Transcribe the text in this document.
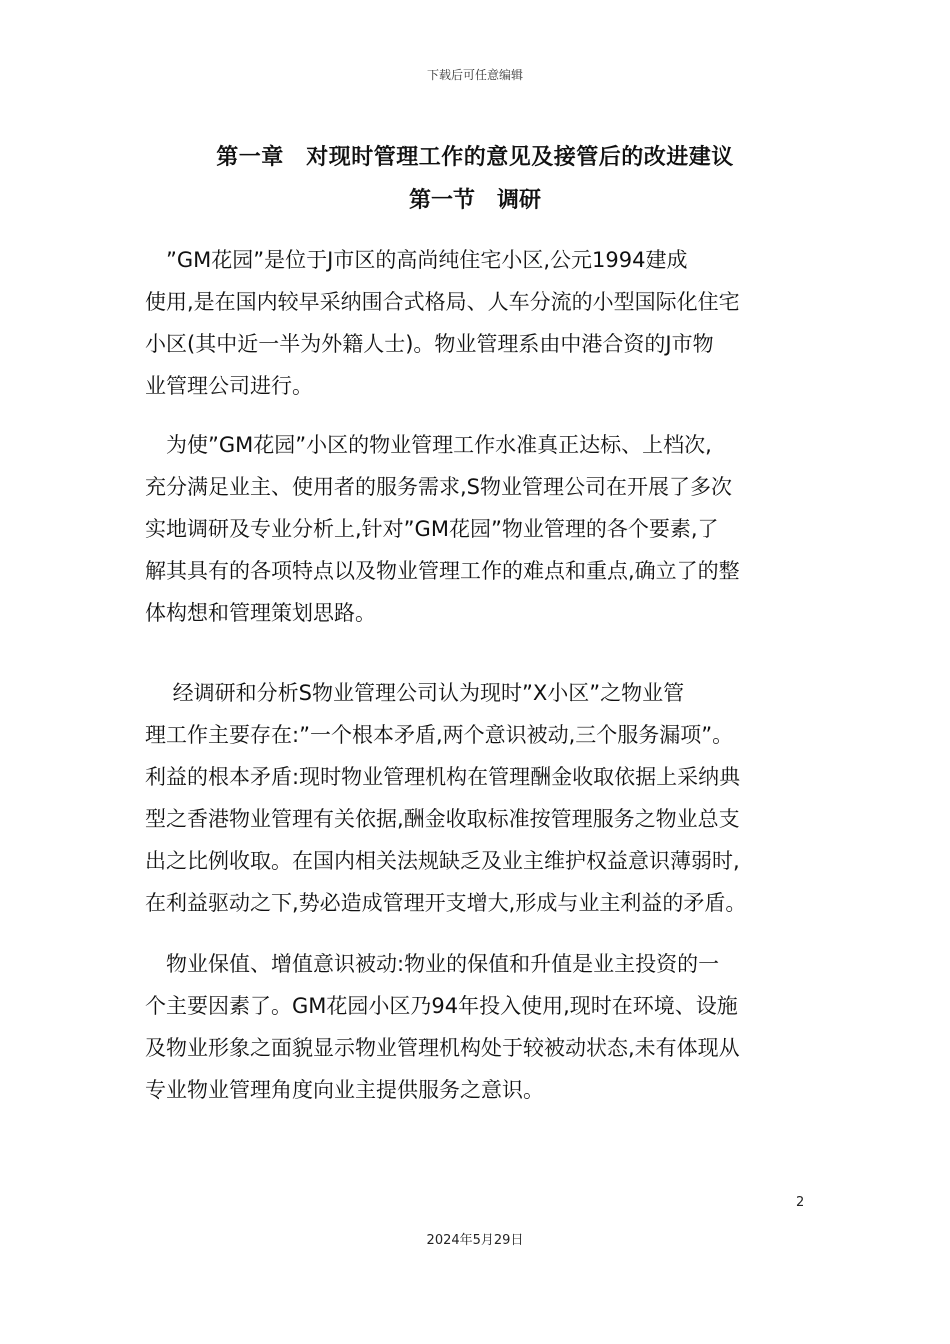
下载后可任意编辑
第一章　对现时管理工作的意见及接管后的改进建议
第一节　调研
　”GM花园”是位于J市区的高尚纯住宅小区,公元1994建成
使用,是在国内较早采纳围合式格局、人车分流的小型国际化住宅
小区(其中近一半为外籍人士)。物业管理系由中港合资的J市物
业管理公司进行。
　为使”GM花园”小区的物业管理工作水准真正达标、上档次,
充分满足业主、使用者的服务需求,S物业管理公司在开展了多次
实地调研及专业分析上,针对”GM花园”物业管理的各个要素,了
解其具有的各项特点以及物业管理工作的难点和重点,确立了的整
体构想和管理策划思路。
　 经调研和分析S物业管理公司认为现时”X小区”之物业管
理工作主要存在:”一个根本矛盾,两个意识被动,三个服务漏项”。
利益的根本矛盾:现时物业管理机构在管理酬金收取依据上采纳典
型之香港物业管理有关依据,酬金收取标准按管理服务之物业总支
出之比例收取。在国内相关法规缺乏及业主维护权益意识薄弱时,
在利益驱动之下,势必造成管理开支增大,形成与业主利益的矛盾。
　物业保值、增值意识被动:物业的保值和升值是业主投资的一
个主要因素了。GM花园小区乃94年投入使用,现时在环境、设施
及物业形象之面貌显示物业管理机构处于较被动状态,未有体现从
专业物业管理角度向业主提供服务之意识。
2
2024年5月29日
